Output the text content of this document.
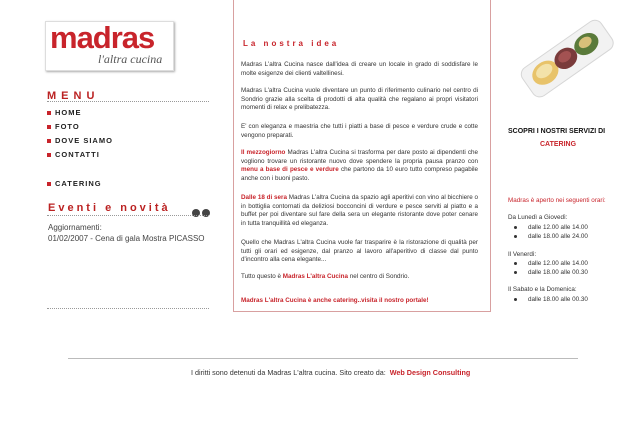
madras
l'altra cucina
MENU
HOME
FOTO
DOVE SIAMO
CONTATTI
CATERING
Eventi e novità
Aggiornamenti:
01/02/2007 - Cena di gala Mostra PICASSO
La nostra idea
Madras L'altra Cucina nasce dall'idea di creare un locale in grado di soddisfare le molte esigenze dei clienti valtellinesi.
Madras L'altra Cucina vuole diventare un punto di riferimento culinario nel centro di Sondrio grazie alla scelta di prodotti di alta qualità che regalano ai propri visitatori momenti di relax e prelibatezza.
E' con eleganza e maestria che tutti i piatti a base di pesce e verdure crude e cotte vengono preparati.
Il mezzogiorno Madras L'altra Cucina si trasforma per dare posto ai dipendenti che vogliono trovare un ristorante nuovo dove spendere la propria pausa pranzo con menu a base di pesce e verdure che partono da 10 euro tutto compreso pagabile anche con i buoni pasto.
Dalle 18 di sera Madras L'altra Cucina da spazio agli aperitivi con vino al bicchiere o in bottiglia contornati da deliziosi bocconcini di verdure e pesce serviti al piatto e a buffet per poi diventare sul fare della sera un elegante ristorante dove poter cenare in tutta tranquillità ed eleganza.
Quello che Madras L'altra Cucina vuole far trasparire è la ristorazione di qualità per tutti gli orari ed esigenze, dal pranzo al lavoro all'aperitivo di classe dal punto d'incontro alla cena elegante...
Tutto questo è Madras L'altra Cucina nel centro di Sondrio.
Madras L'altra Cucina è anche catering..visita il nostro portale!
SCOPRI I NOSTRI SERVIZI DI
CATERING
Madras è aperto nei seguenti orari:
Da Lunedì a Giovedì:
dalle 12.00 alle 14.00
dalle 18.00 alle 24.00
Il Venerdì:
dalle 12.00 alle 14.00
dalle 18.00 alle 00.30
Il Sabato e la Domenica:
dalle 18.00 alle 00.30
I diritti sono detenuti da Madras L'altra cucina. Sito creato da: Web Design Consulting
